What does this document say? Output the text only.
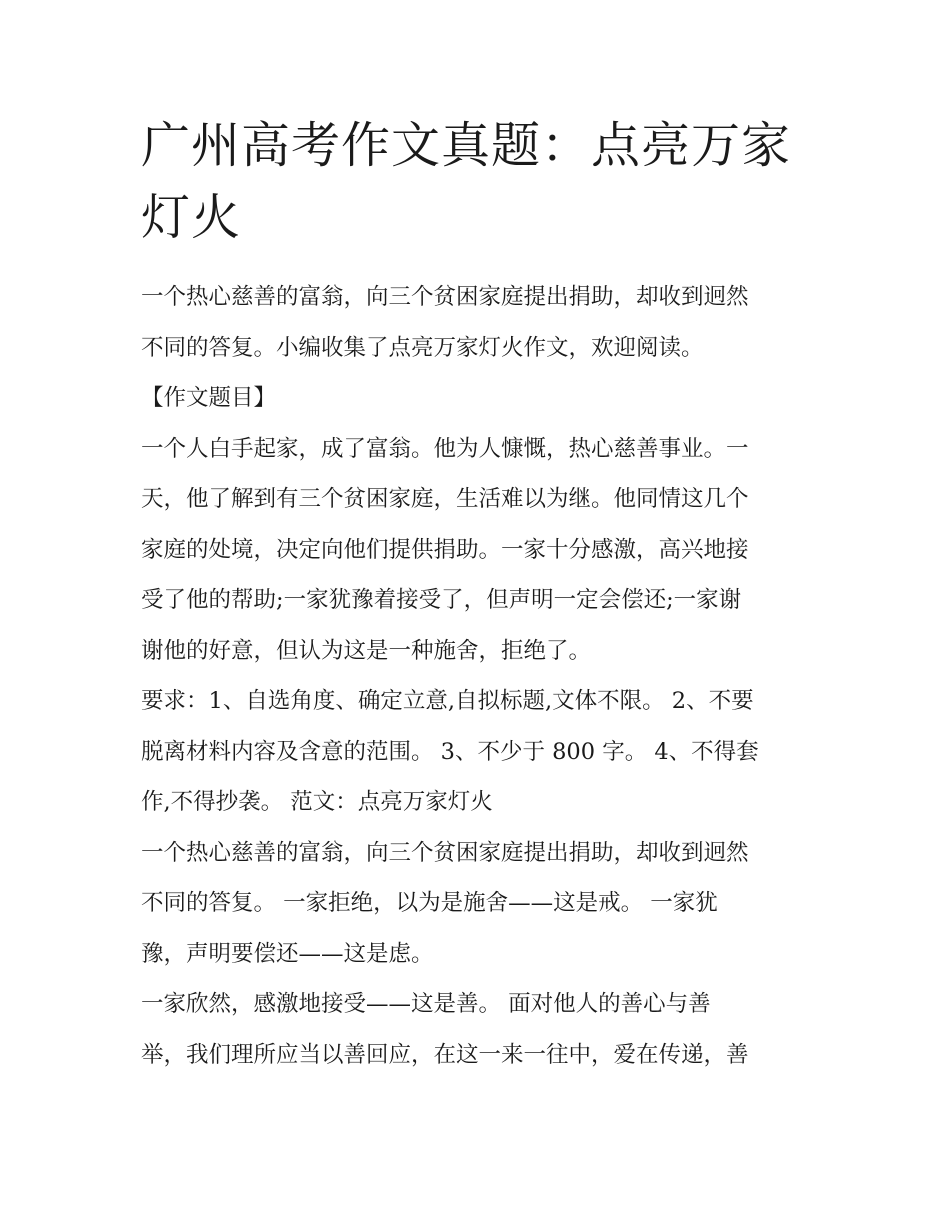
广州高考作文真题：点亮万家
灯火

一个热心慈善的富翁，向三个贫困家庭提出捐助，却收到迥然
不同的答复。小编收集了点亮万家灯火作文，欢迎阅读。

【作文题目】

一个人白手起家，成了富翁。他为人慷慨，热心慈善事业。一
天，他了解到有三个贫困家庭，生活难以为继。他同情这几个
家庭的处境，决定向他们提供捐助。一家十分感激，高兴地接
受了他的帮助;一家犹豫着接受了，但声明一定会偿还;一家谢
谢他的好意，但认为这是一种施舍，拒绝了。

要求：1、自选角度、确定立意,自拟标题,文体不限。 2、不要
脱离材料内容及含意的范围。 3、不少于 800 字。 4、不得套
作,不得抄袭。 范文：点亮万家灯火

一个热心慈善的富翁，向三个贫困家庭提出捐助，却收到迥然
不同的答复。 一家拒绝，以为是施舍——这是戒。 一家犹
豫，声明要偿还——这是虑。

一家欣然，感激地接受——这是善。 面对他人的善心与善
举，我们理所应当以善回应，在这一来一往中，爱在传递，善
